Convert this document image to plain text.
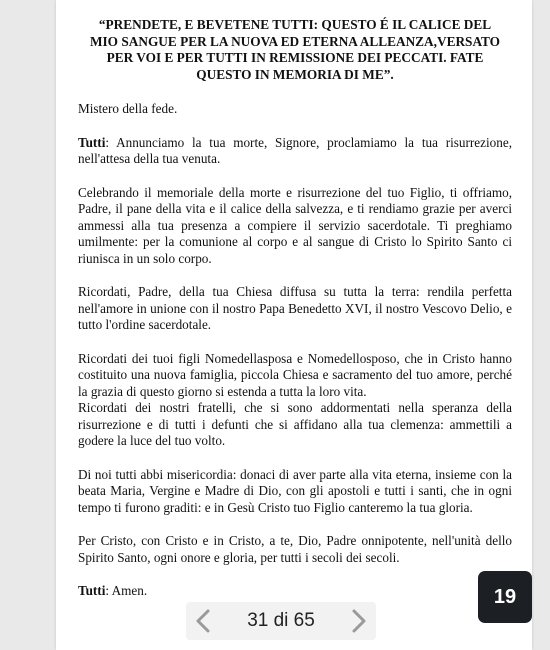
“PRENDETE, E BEVETENE TUTTI: QUESTO É IL CALICE DEL MIO SANGUE PER LA NUOVA ED ETERNA ALLEANZA,VERSATO PER VOI E PER TUTTI IN REMISSIONE DEI PECCATI. FATE QUESTO IN MEMORIA DI ME”.
Mistero della fede.
Tutti: Annunciamo la tua morte, Signore, proclamiamo la tua risurrezione, nell'attesa della tua venuta.
Celebrando il memoriale della morte e risurrezione del tuo Figlio, ti offriamo, Padre, il pane della vita e il calice della salvezza, e ti rendiamo grazie per averci ammessi alla tua presenza a compiere il servizio sacerdotale. Ti preghiamo umilmente: per la comunione al corpo e al sangue di Cristo lo Spirito Santo ci riunisca in un solo corpo.
Ricordati, Padre, della tua Chiesa diffusa su tutta la terra: rendila perfetta nell'amore in unione con il nostro Papa Benedetto XVI, il nostro Vescovo Delio, e tutto l'ordine sacerdotale.
Ricordati dei tuoi figli Nomedellasposa e Nomedellosposo, che in Cristo hanno costituito una nuova famiglia, piccola Chiesa e sacramento del tuo amore, perché la grazia di questo giorno si estenda a tutta la loro vita.
Ricordati dei nostri fratelli, che si sono addormentati nella speranza della risurrezione e di tutti i defunti che si affidano alla tua clemenza: ammettili a godere la luce del tuo volto.
Di noi tutti abbi misericordia: donaci di aver parte alla vita eterna, insieme con la beata Maria, Vergine e Madre di Dio, con gli apostoli e tutti i santi, che in ogni tempo ti furono graditi: e in Gesù Cristo tuo Figlio canteremo la tua gloria.
Per Cristo, con Cristo e in Cristo, a te, Dio, Padre onnipotente, nell'unità dello Spirito Santo, ogni onore e gloria, per tutti i secoli dei secoli.
Tutti: Amen.
31 di 65
19
